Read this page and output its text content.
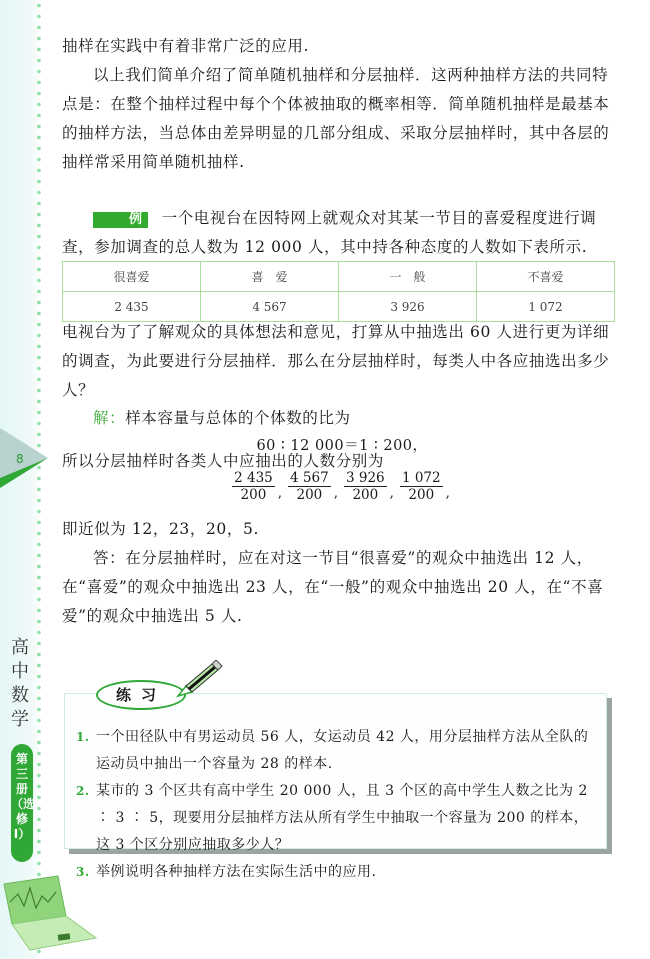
8
高中数学
第三册（选修I）
抽样在实践中有着非常广泛的应用.
以上我们简单介绍了简单随机抽样和分层抽样．这两种抽样方法的共同特点是：在整个抽样过程中每个个体被抽取的概率相等．简单随机抽样是最基本的抽样方法，当总体由差异明显的几部分组成、采取分层抽样时，其中各层的抽样常采用简单随机抽样.
例 一个电视台在因特网上就观众对其某一节目的喜爱程度进行调查，参加调查的总人数为 12 000 人，其中持各种态度的人数如下表所示.
很喜爱	喜　爱	一　般	不喜爱
2 435	4 567	3 926	1 072
电视台为了了解观众的具体想法和意见，打算从中抽选出 60 人进行更为详细的调查，为此要进行分层抽样．那么在分层抽样时，每类人中各应抽选出多少人？
解：样本容量与总体的个体数的比为
60 ∶ 12 000＝1 ∶ 200，
所以分层抽样时各类人中应抽出的人数分别为
$\frac{2 435}{200}$ , $\frac{4 567}{200}$ , $\frac{3 926}{200}$ , $\frac{1 072}{200}$ ,
即近似为 12，23，20，5.
答：在分层抽样时，应在对这一节目“很喜爱”的观众中抽选出 12 人，在“喜爱”的观众中抽选出 23 人，在“一般”的观众中抽选出 20 人，在“不喜爱”的观众中抽选出 5 人.
练习
1. 一个田径队中有男运动员 56 人，女运动员 42 人，用分层抽样方法从全队的运动员中抽出一个容量为 28 的样本.
2. 某市的 3 个区共有高中学生 20 000 人，且 3 个区的高中学生人数之比为 2 ∶ 3 ∶ 5，现要用分层抽样方法从所有学生中抽取一个容量为 200 的样本，这 3 个区分别应抽取多少人？
3. 举例说明各种抽样方法在实际生活中的应用.
